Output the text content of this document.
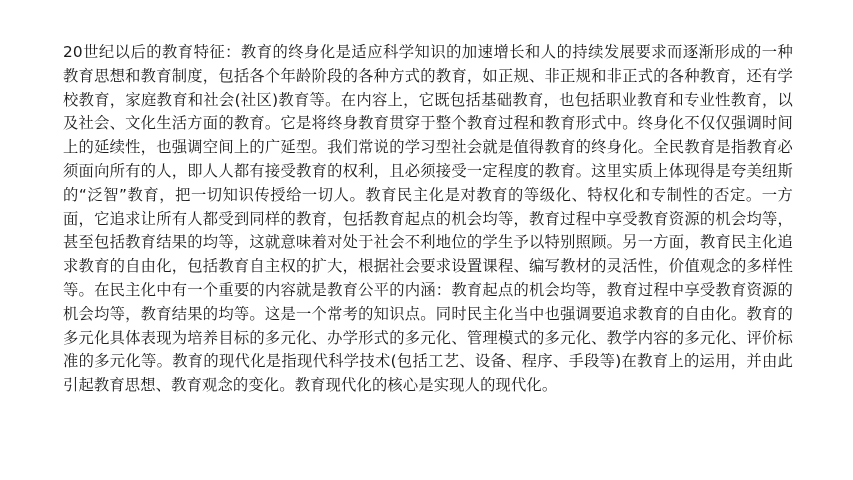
20世纪以后的教育特征：教育的终身化是适应科学知识的加速增长和人的持续发展要求而逐渐形成的一种教育思想和教育制度，包括各个年龄阶段的各种方式的教育，如正规、非正规和非正式的各种教育，还有学校教育，家庭教育和社会(社区)教育等。在内容上，它既包括基础教育，也包括职业教育和专业性教育，以及社会、文化生活方面的教育。它是将终身教育贯穿于整个教育过程和教育形式中。终身化不仅仅强调时间上的延续性，也强调空间上的广延型。我们常说的学习型社会就是值得教育的终身化。全民教育是指教育必须面向所有的人，即人人都有接受教育的权利，且必须接受一定程度的教育。这里实质上体现得是夸美纽斯的“泛智”教育，把一切知识传授给一切人。教育民主化是对教育的等级化、特权化和专制性的否定。一方面，它追求让所有人都受到同样的教育，包括教育起点的机会均等，教育过程中享受教育资源的机会均等，甚至包括教育结果的均等，这就意味着对处于社会不利地位的学生予以特别照顾。另一方面，教育民主化追求教育的自由化，包括教育自主权的扩大，根据社会要求设置课程、编写教材的灵活性，价值观念的多样性等。在民主化中有一个重要的内容就是教育公平的内涵：教育起点的机会均等，教育过程中享受教育资源的机会均等，教育结果的均等。这是一个常考的知识点。同时民主化当中也强调要追求教育的自由化。教育的多元化具体表现为培养目标的多元化、办学形式的多元化、管理模式的多元化、教学内容的多元化、评价标准的多元化等。教育的现代化是指现代科学技术(包括工艺、设备、程序、手段等)在教育上的运用，并由此引起教育思想、教育观念的变化。教育现代化的核心是实现人的现代化。
